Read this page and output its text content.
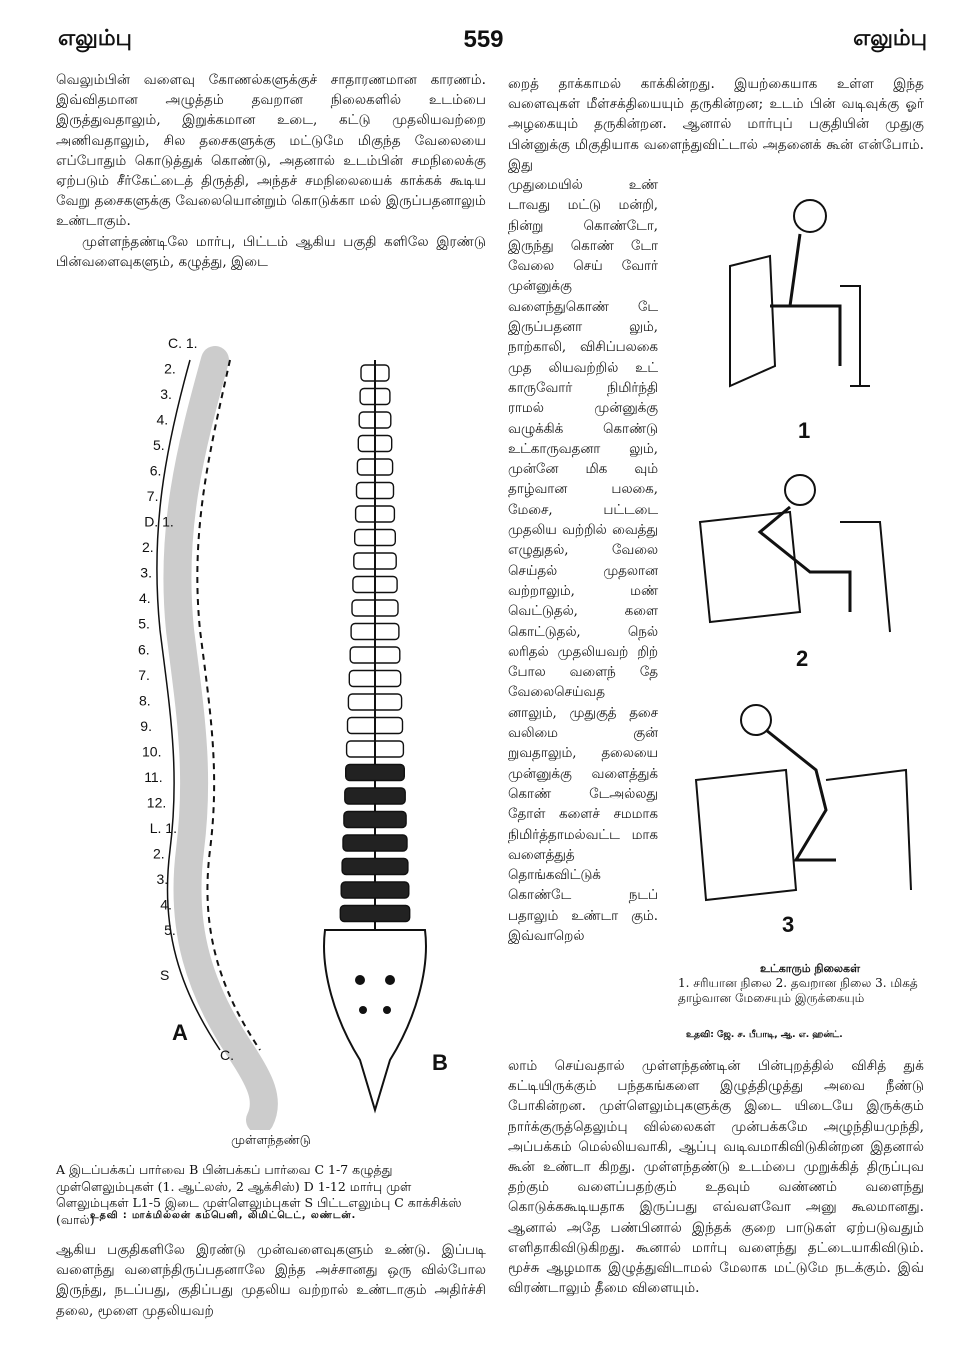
எலும்பு	559	எலும்பு

வெலும்பின் வளைவு கோணல்களுக்குச் சாதாரணமான காரணம். இவ்விதமான அழுத்தம் தவறான நிலைகளில் உடம்பை இருத்துவதாலும், இறுக்கமான உடை, கட்டு முதலியவற்றை அணிவதாலும், சில தசைகளுக்கு மட்டுமே மிகுந்த வேலையை எப்போதும் கொடுத்துக் கொண்டு, அதனால் உடம்பின் சமநிலைக்கு ஏற்படும் சீர்கேட்டைத் திருத்தி, அந்தச் சமநிலையைக் காக்கக் கூடிய வேறு தசைகளுக்கு வேலையொன்றும் கொடுக்கா மல் இருப்பதனாலும் உண்டாகும்.

முள்ளந்தண்டிலே மார்பு, பிட்டம் ஆகிய பகுதி களிலே இரண்டு பின்வளைவுகளும், கழுத்து, இடை

C. 1.
2.
3.
4.
5.
6.
7.
D. 1.
2.
3.
4.
5.
6.
7.
8.
9.
10.
11.
12.
L. 1.
2.
3.
4.
5.
S
C.
A
B
முள்ளந்தண்டு
A இடப்பக்கப் பார்வை B பின்பக்கப் பார்வை C 1-7 கழுத்து முள்ளெலும்புகள் (1. ஆட்லஸ், 2 ஆக்சிஸ்) D 1-12 மார்பு முள் ளெலும்புகள் L1-5 இடை முள்ளெலும்புகள் S பிட்டஎலும்பு C காக்சிக்ஸ் (வால்)
உதவி : மாக்மில்லன் கம்பெனி, லிமிட்டெட், லண்டன்.

ஆகிய பகுதிகளிலே இரண்டு முன்வளைவுகளும் உண்டு. இப்படி வளைந்து வளைந்திருப்பதனாலே இந்த அச்சானது ஒரு வில்போல இருந்து, நடப்பது, குதிப்பது முதலிய வற்றால் உண்டாகும் அதிர்ச்சி தலை, மூளை முதலியவற்

றைத் தாக்காமல் காக்கின்றது. இயற்கையாக உள்ள இந்த வளைவுகள் மீள்சக்தியையும் தருகின்றன; உடம் பின் வடிவுக்கு ஓர் அழகையும் தருகின்றன. ஆனால் மார்புப் பகுதியின் முதுகு பின்னுக்கு மிகுதியாக வளைந்துவிட்டால் அதனைக் கூன் என்போம். இது

முதுமையில் உண் டாவது மட்டு மன்றி, நின்று கொண்டோ, இருந்து கொண் டோ வேலை செய் வோர் முன்னுக்கு வளைந்துகொண் டே இருப்பதனா லும், நாற்காலி, விசிப்பலகை முத லியவற்றில் உட் காருவோர் நிமிர்ந்தி ராமல் முன்னுக்கு வழுக்கிக் கொண்டு உட்காருவதனா லும், முன்னே மிக வும் தாழ்வான பலகை, மேசை, பட்டடை முதலிய வற்றில் வைத்து எழுதுதல், வேலை செய்தல் முதலான வற்றாலும், மண் வெட்டுதல், களை கொட்டுதல், நெல் லரிதல் முதலியவற் றிற் போல வளைந் தே வேலைசெய்வத னாலும், முதுகுத் தசை வலிமை குன் றுவதாலும், தலையை முன்னுக்கு வளைத்துக் கொண் டேஅல்லது தோள் களைச் சமமாக நிமிர்த்தாமல்வட்ட மாக வளைத்துத் தொங்கவிட்டுக் கொண்டே நடப் பதாலும் உண்டா கும். இவ்வாறெல்

1
2
3
உட்காரும் நிலைகள்
1. சரியான நிலை 2. தவறான நிலை 3. மிகத் தாழ்வான மேசையும் இருக்கையும்
உதவி: ஜே. ச. பீபாடி, ஆ. எ. ஹன்ட்.

லாம் செய்வதால் முள்ளந்தண்டின் பின்புறத்தில் விசித் துக் கட்டியிருக்கும் பந்தகங்களை இழுத்திழுத்து அவை நீண்டு போகின்றன. முள்ளெலும்புகளுக்கு இடை யிடையே இருக்கும் நார்க்குருத்தெலும்பு வில்லைகள் முன்பக்கமே அழுந்தியமுந்தி, அப்பக்கம் மெல்லியவாகி, ஆப்பு வடிவமாகிவிடுகின்றன இதனால் கூன் உண்டா கிறது. முள்ளந்தண்டு உடம்பை முறுக்கித் திருப்புவ தற்கும் வளைப்பதற்கும் உதவும் வண்ணம் வளைந்து கொடுக்ககூடியதாக இருப்பது எவ்வளவோ அனு கூலமானது. ஆனால் அதே பண்பினால் இந்தக் குறை பாடுகள் ஏற்படுவதும் எளிதாகிவிடுகிறது. கூனால் மார்பு வளைந்து தட்டையாகிவிடும். மூச்சு ஆழமாக இழுத்துவிடாமல் மேலாக மட்டுமே நடக்கும். இவ் விரண்டாலும் தீமை விளையும்.
